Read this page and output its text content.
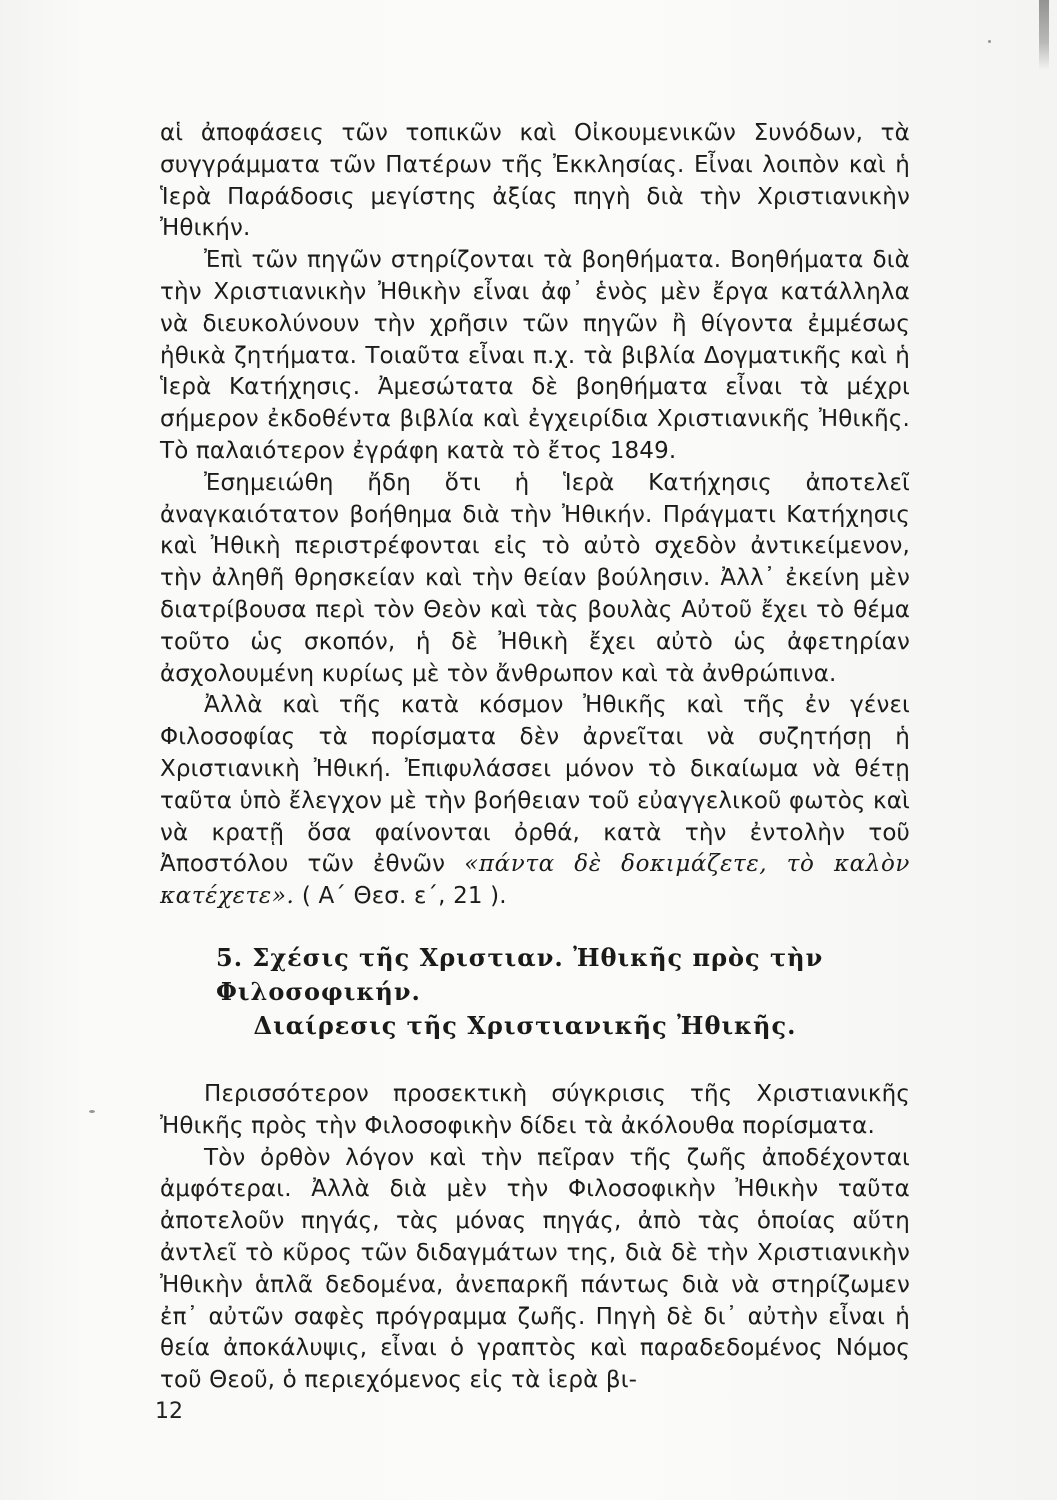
αἱ ἀποφάσεις τῶν τοπικῶν καὶ Οἰκουμενικῶν Συνόδων, τὰ συγγράμματα τῶν Πατέρων τῆς Ἐκκλησίας. Εἶναι λοιπὸν καὶ ἡ Ἱερὰ Παράδοσις μεγίστης ἀξίας πηγὴ διὰ τὴν Χριστιανικὴν Ἠθικήν.

Ἐπὶ τῶν πηγῶν στηρίζονται τὰ βοηθήματα. Βοηθήματα διὰ τὴν Χριστιανικὴν Ἠθικὴν εἶναι ἀφ᾽ ἑνὸς μὲν ἔργα κατάλληλα νὰ διευκολύνουν τὴν χρῆσιν τῶν πηγῶν ἢ θίγοντα ἐμμέσως ἠθικὰ ζητήματα. Τοιαῦτα εἶναι π.χ. τὰ βιβλία Δογματικῆς καὶ ἡ Ἱερὰ Κατήχησις. Ἀμεσώτατα δὲ βοηθήματα εἶναι τὰ μέχρι σήμερον ἐκδοθέντα βιβλία καὶ ἐγχειρίδια Χριστιανικῆς Ἠθικῆς. Τὸ παλαιότερον ἐγράφη κατὰ τὸ ἔτος 1849.

Ἐσημειώθη ἤδη ὅτι ἡ Ἱερὰ Κατήχησις ἀποτελεῖ ἀναγκαιότατον βοήθημα διὰ τὴν Ἠθικήν. Πράγματι Κατήχησις καὶ Ἠθικὴ περιστρέφονται εἰς τὸ αὐτὸ σχεδὸν ἀντικείμενον, τὴν ἀληθῆ θρησκείαν καὶ τὴν θείαν βούλησιν. Ἀλλ᾽ ἐκείνη μὲν διατρίβουσα περὶ τὸν Θεὸν καὶ τὰς βουλὰς Αὐτοῦ ἔχει τὸ θέμα τοῦτο ὡς σκοπόν, ἡ δὲ Ἠθικὴ ἔχει αὐτὸ ὡς ἀφετηρίαν ἀσχολουμένη κυρίως μὲ τὸν ἄνθρωπον καὶ τὰ ἀνθρώπινα.

Ἀλλὰ καὶ τῆς κατὰ κόσμον Ἠθικῆς καὶ τῆς ἐν γένει Φιλοσοφίας τὰ πορίσματα δὲν ἀρνεῖται νὰ συζητήσῃ ἡ Χριστιανικὴ Ἠθική. Ἐπιφυλάσσει μόνον τὸ δικαίωμα νὰ θέτῃ ταῦτα ὑπὸ ἔλεγχον μὲ τὴν βοήθειαν τοῦ εὐαγγελικοῦ φωτὸς καὶ νὰ κρατῇ ὅσα φαίνονται ὀρθά, κατὰ τὴν ἐντολὴν τοῦ Ἀποστόλου τῶν ἐθνῶν «πάντα δὲ δοκιμάζετε, τὸ καλὸν κατέχετε». ( Α΄ Θεσ. ε΄, 21 ).

5. Σχέσις τῆς Χριστιαν. Ἠθικῆς πρὸς τὴν Φιλοσοφικήν.
Διαίρεσις τῆς Χριστιανικῆς Ἠθικῆς.

Περισσότερον προσεκτικὴ σύγκρισις τῆς Χριστιανικῆς Ἠθικῆς πρὸς τὴν Φιλοσοφικὴν δίδει τὰ ἀκόλουθα πορίσματα.

Τὸν ὀρθὸν λόγον καὶ τὴν πεῖραν τῆς ζωῆς ἀποδέχονται ἀμφότεραι. Ἀλλὰ διὰ μὲν τὴν Φιλοσοφικὴν Ἠθικὴν ταῦτα ἀποτελοῦν πηγάς, τὰς μόνας πηγάς, ἀπὸ τὰς ὁποίας αὕτη ἀντλεῖ τὸ κῦρος τῶν διδαγμάτων της, διὰ δὲ τὴν Χριστιανικὴν Ἠθικὴν ἁπλᾶ δεδομένα, ἀνεπαρκῆ πάντως διὰ νὰ στηρίζωμεν ἐπ᾽ αὐτῶν σαφὲς πρόγραμμα ζωῆς. Πηγὴ δὲ δι᾽ αὐτὴν εἶναι ἡ θεία ἀποκάλυψις, εἶναι ὁ γραπτὸς καὶ παραδεδομένος Νόμος τοῦ Θεοῦ, ὁ περιεχόμενος εἰς τὰ ἱερὰ βι-

12
